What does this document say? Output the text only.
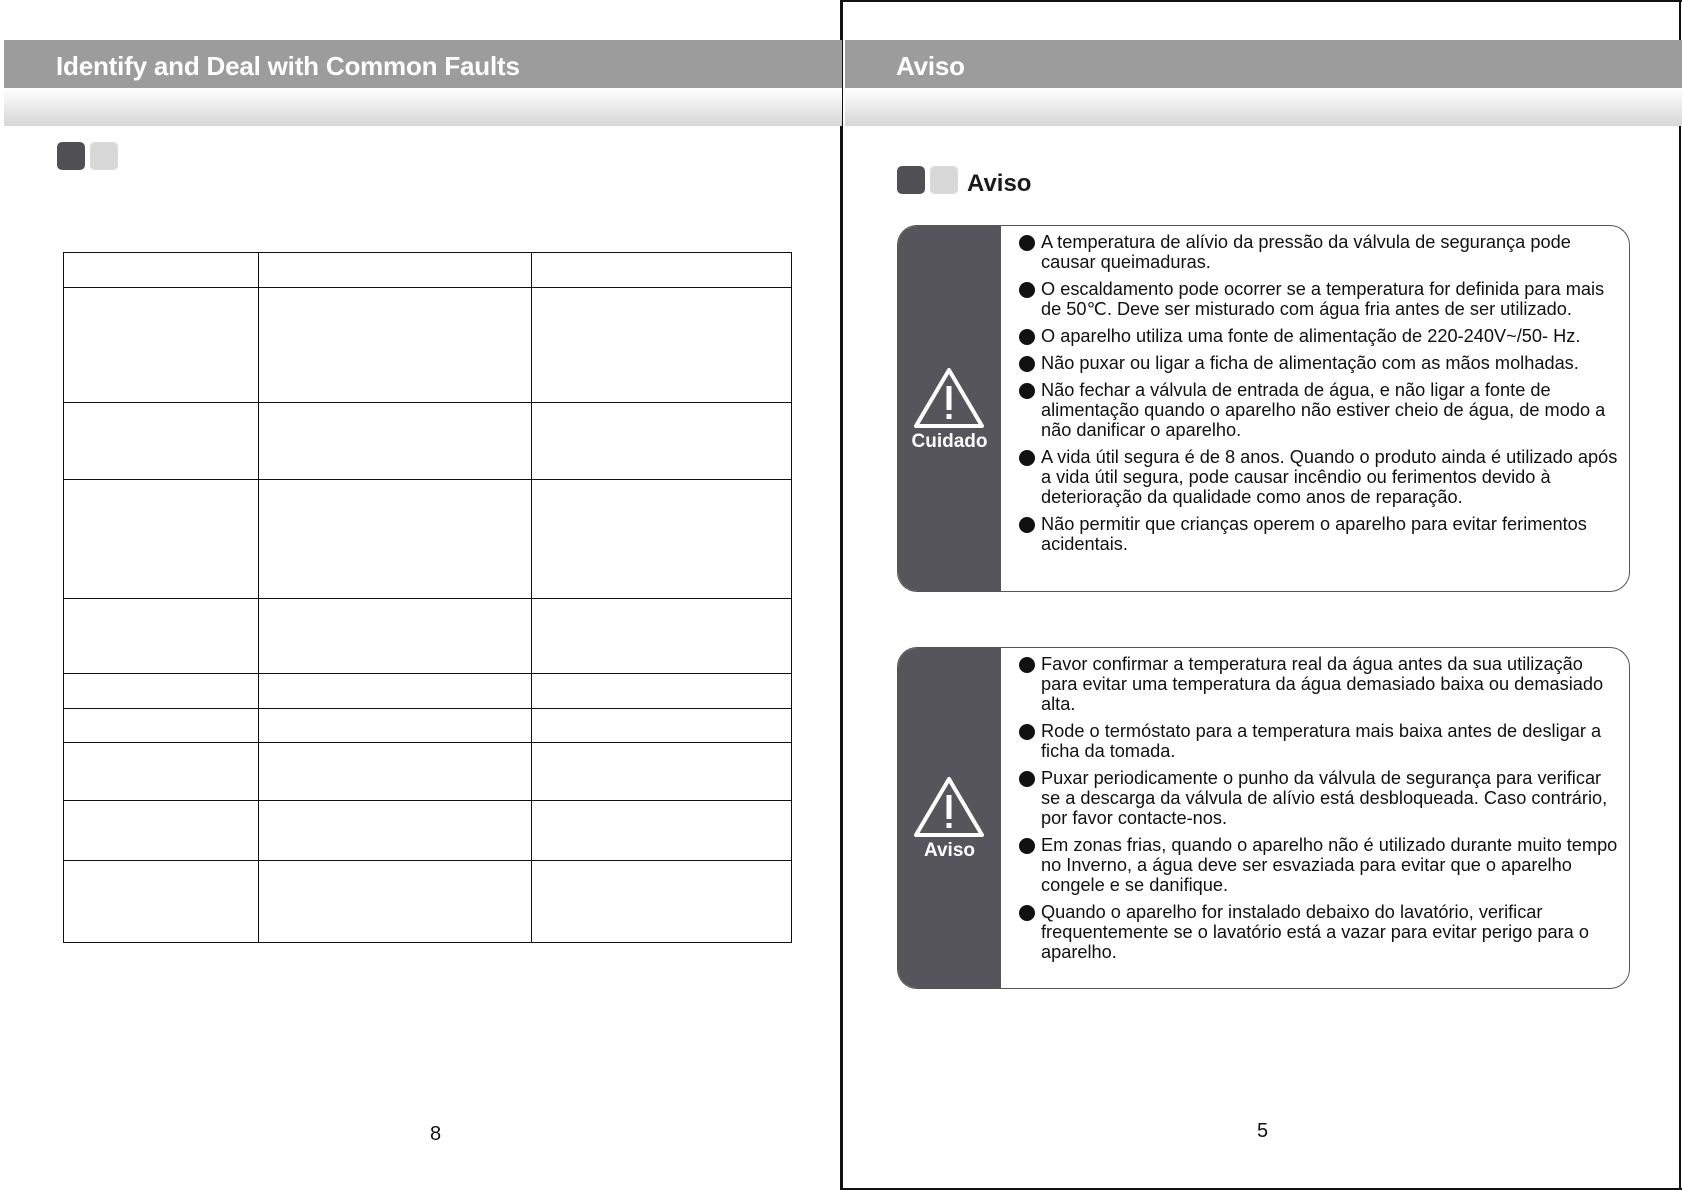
Identify and Deal with Common Faults	Aviso

8
Aviso
Cuidado
A temperatura de alívio da pressão da válvula de segurança pode causar queimaduras.
O escaldamento pode ocorrer se a temperatura for definida para mais de 50℃. Deve ser misturado com água fria antes de ser utilizado.
O aparelho utiliza uma fonte de alimentação de 220-240V~/50- Hz.
Não puxar ou ligar a ficha de alimentação com as mãos molhadas.
Não fechar a válvula de entrada de água, e não ligar a fonte de alimentação quando o aparelho não estiver cheio de água, de modo a não danificar o aparelho.
A vida útil segura é de 8 anos. Quando o produto ainda é utilizado após a vida útil segura, pode causar incêndio ou ferimentos devido à deterioração da qualidade como anos de reparação.
Não permitir que crianças operem o aparelho para evitar ferimentos acidentais.
Aviso
Favor confirmar a temperatura real da água antes da sua utilização para evitar uma temperatura da água demasiado baixa ou demasiado alta.
Rode o termóstato para a temperatura mais baixa antes de desligar a ficha da tomada.
Puxar periodicamente o punho da válvula de segurança para verificar se a descarga da válvula de alívio está desbloqueada. Caso contrário, por favor contacte-nos.
Em zonas frias, quando o aparelho não é utilizado durante muito tempo no Inverno, a água deve ser esvaziada para evitar que o aparelho congele e se danifique.
Quando o aparelho for instalado debaixo do lavatório, verificar frequentemente se o lavatório está a vazar para evitar perigo para o aparelho.
5
